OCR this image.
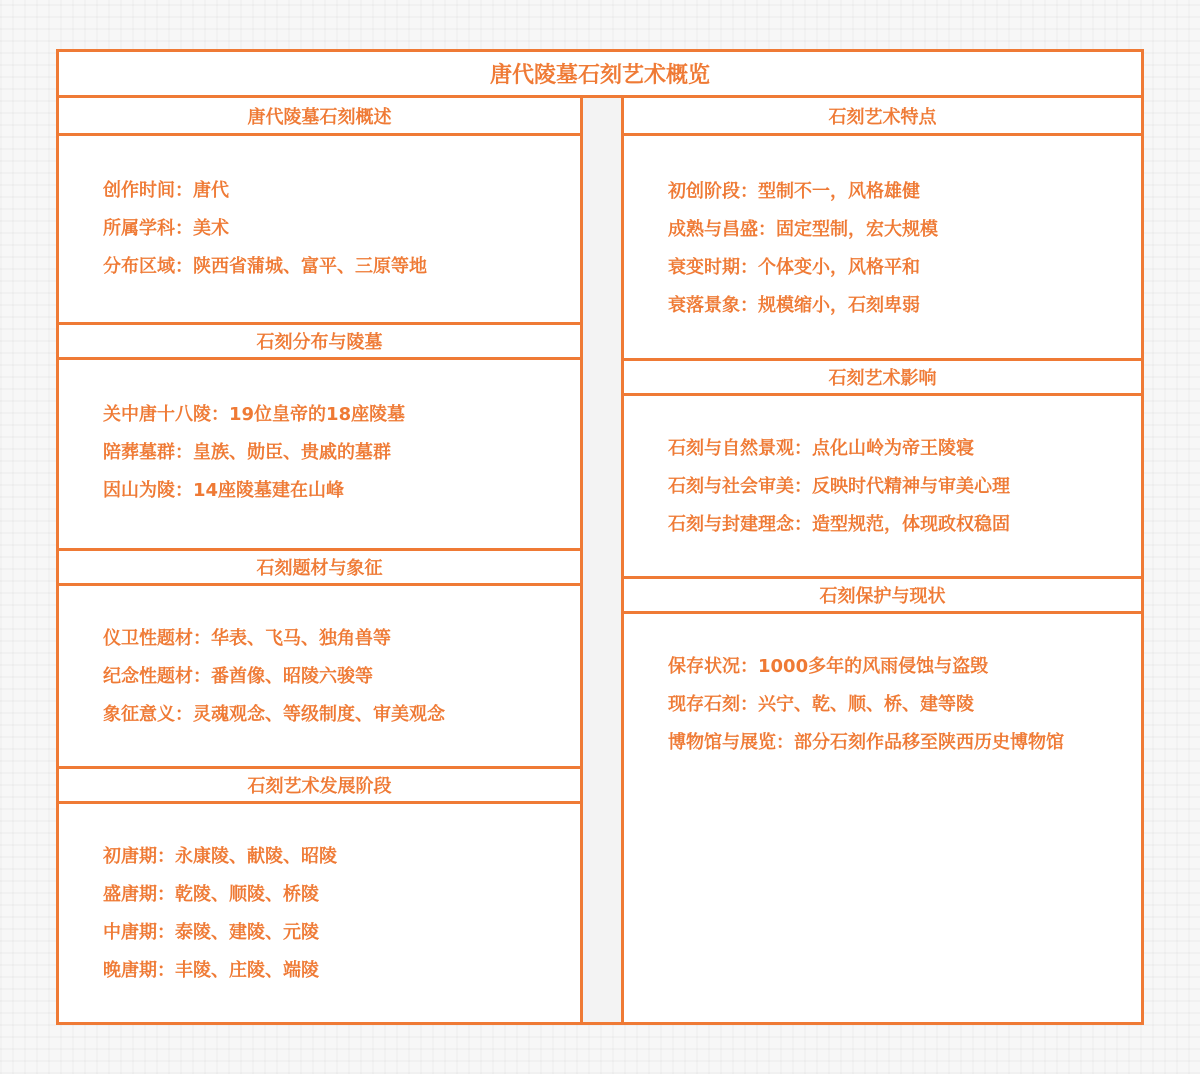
唐代陵墓石刻艺术概览
唐代陵墓石刻概述
创作时间：唐代
所属学科：美术
分布区域：陕西省蒲城、富平、三原等地
石刻分布与陵墓
关中唐十八陵：19位皇帝的18座陵墓
陪葬墓群：皇族、勋臣、贵戚的墓群
因山为陵：14座陵墓建在山峰
石刻题材与象征
仪卫性题材：华表、飞马、独角兽等
纪念性题材：番酋像、昭陵六骏等
象征意义：灵魂观念、等级制度、审美观念
石刻艺术发展阶段
初唐期：永康陵、献陵、昭陵
盛唐期：乾陵、顺陵、桥陵
中唐期：泰陵、建陵、元陵
晚唐期：丰陵、庄陵、端陵
石刻艺术特点
初创阶段：型制不一，风格雄健
成熟与昌盛：固定型制，宏大规模
衰变时期：个体变小，风格平和
衰落景象：规模缩小，石刻卑弱
石刻艺术影响
石刻与自然景观：点化山岭为帝王陵寝
石刻与社会审美：反映时代精神与审美心理
石刻与封建理念：造型规范，体现政权稳固
石刻保护与现状
保存状况：1000多年的风雨侵蚀与盗毁
现存石刻：兴宁、乾、顺、桥、建等陵
博物馆与展览：部分石刻作品移至陕西历史博物馆
